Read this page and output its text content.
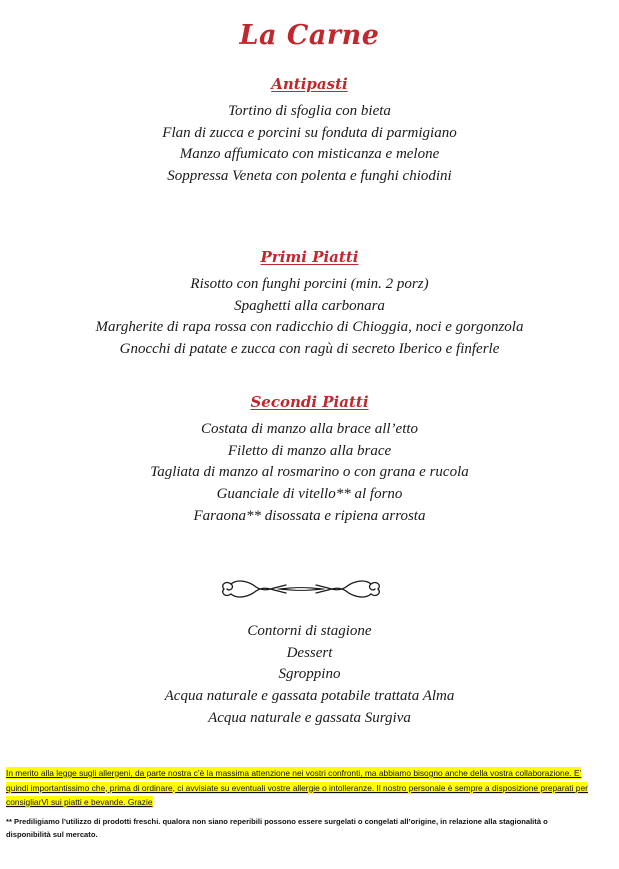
La Carne
Antipasti
Tortino di sfoglia con bieta
Flan di zucca e porcini su fonduta di parmigiano
Manzo affumicato con misticanza e melone
Soppressa Veneta con polenta e funghi chiodini
Primi Piatti
Risotto con funghi porcini (min. 2 porz)
Spaghetti alla carbonara
Margherite di rapa rossa con radicchio di Chioggia, noci e gorgonzola
Gnocchi di patate e zucca con ragù di secreto Iberico e finferle
Secondi Piatti
Costata di manzo alla brace all’etto
Filetto di manzo alla brace
Tagliata di manzo al rosmarino o con grana e rucola
Guanciale di vitello** al forno
Faraona** disossata e ripiena arrosta
Contorni di stagione
Dessert
Sgroppino
Acqua naturale e gassata potabile trattata Alma
Acqua naturale e gassata Surgiva
In merito alla legge sugli allergeni, da parte nostra c’è la massima attenzione nei vostri confronti, ma abbiamo bisogno anche della vostra collaborazione. E’ quindi importantissimo che, prima di ordinare, ci avvisiate su eventuali vostre allergie o intolleranze. Il nostro personale è sempre a disposizione preparati per consigliarVi sui piatti e bevande. Grazie
** Prediligiamo l’utilizzo di prodotti freschi. qualora non siano reperibili possono essere surgelati o congelati all’origine, in relazione alla stagionalità o disponibilità sul mercato.
